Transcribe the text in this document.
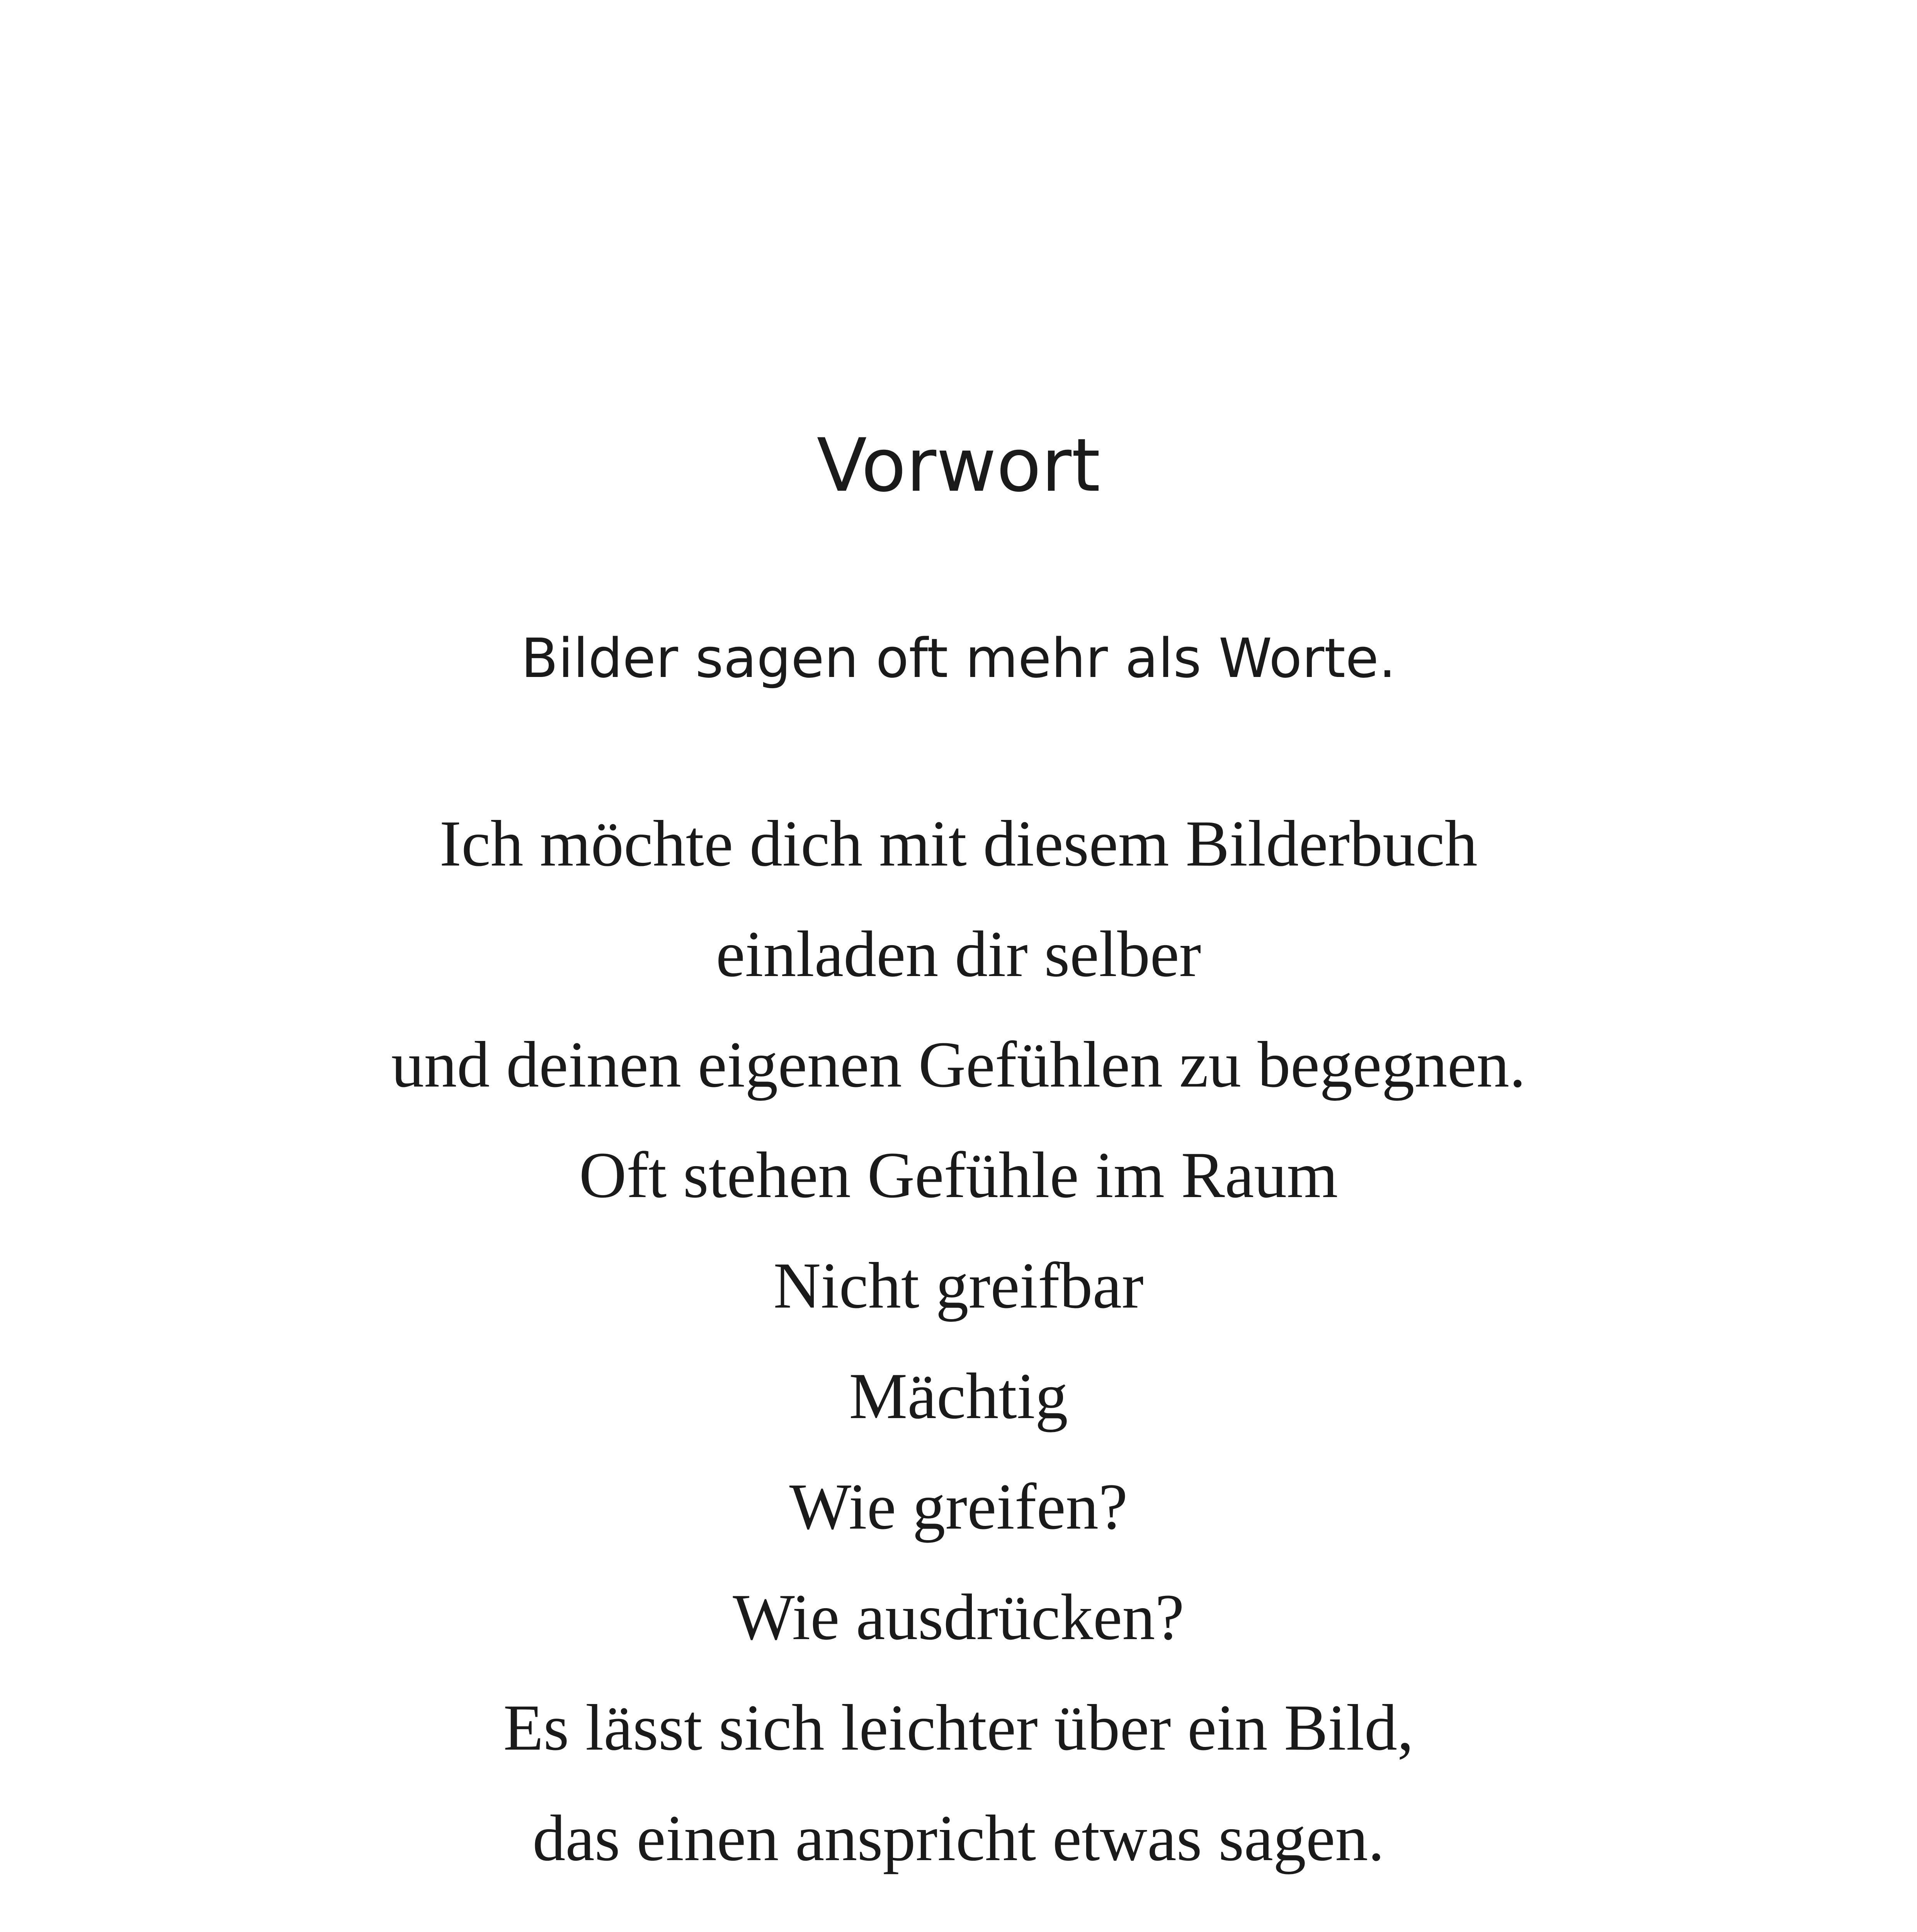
Vorwort
Bilder sagen oft mehr als Worte.
Ich möchte dich mit diesem Bilderbuch
einladen dir selber
und deinen eigenen Gefühlen zu begegnen.
Oft stehen Gefühle im Raum
Nicht greifbar
Mächtig
Wie greifen?
Wie ausdrücken?
Es lässt sich leichter über ein Bild,
das einen anspricht etwas sagen.
